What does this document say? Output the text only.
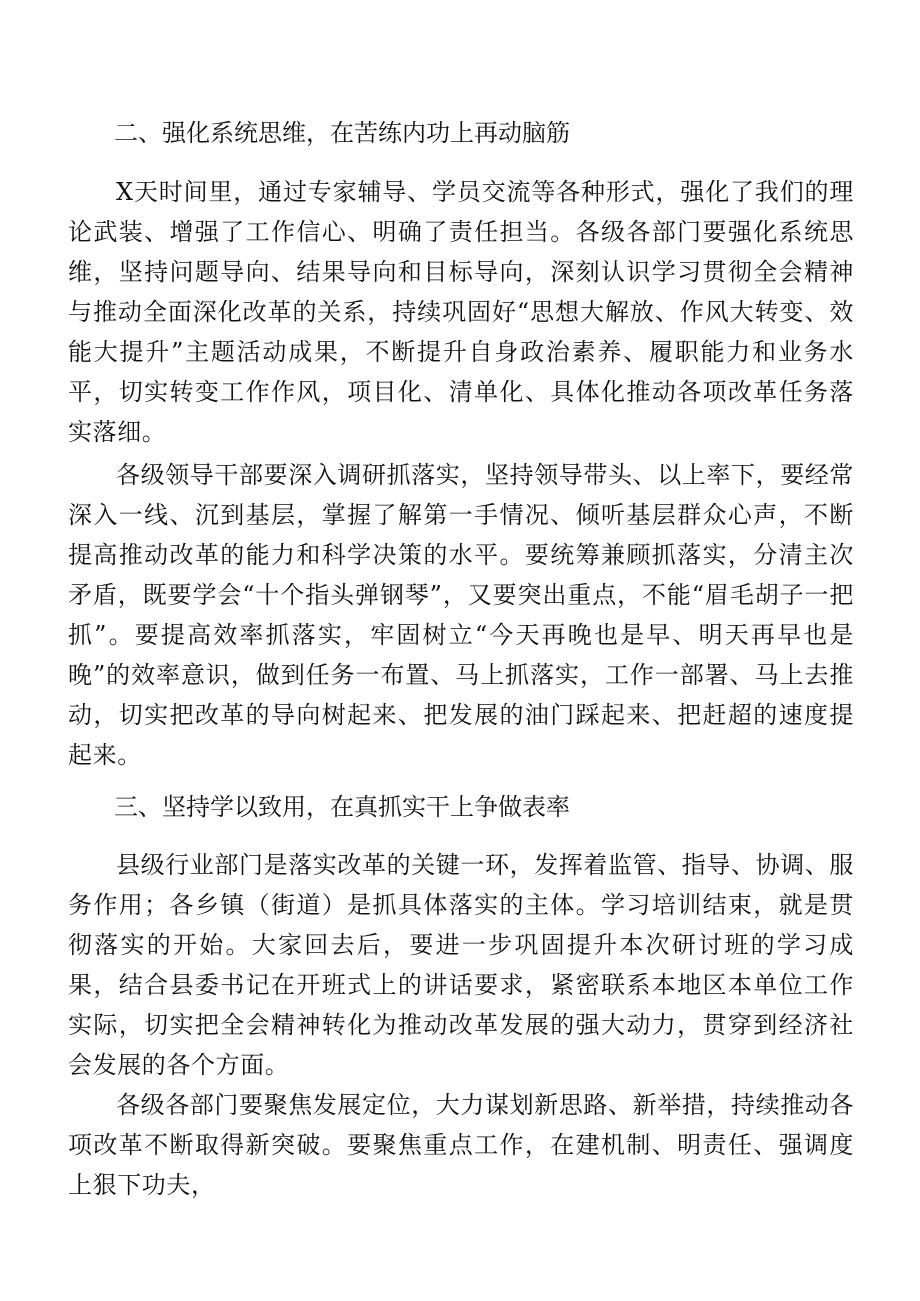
二、强化系统思维，在苦练内功上再动脑筋
X天时间里，通过专家辅导、学员交流等各种形式，强化了我们的理论武装、增强了工作信心、明确了责任担当。各级各部门要强化系统思维，坚持问题导向、结果导向和目标导向，深刻认识学习贯彻全会精神与推动全面深化改革的关系，持续巩固好“思想大解放、作风大转变、效能大提升”主题活动成果，不断提升自身政治素养、履职能力和业务水平，切实转变工作作风，项目化、清单化、具体化推动各项改革任务落实落细。
各级领导干部要深入调研抓落实，坚持领导带头、以上率下，要经常深入一线、沉到基层，掌握了解第一手情况、倾听基层群众心声，不断提高推动改革的能力和科学决策的水平。要统筹兼顾抓落实，分清主次矛盾，既要学会“十个指头弹钢琴”，又要突出重点，不能“眉毛胡子一把抓”。要提高效率抓落实，牢固树立“今天再晚也是早、明天再早也是晚”的效率意识，做到任务一布置、马上抓落实，工作一部署、马上去推动，切实把改革的导向树起来、把发展的油门踩起来、把赶超的速度提起来。
三、坚持学以致用，在真抓实干上争做表率
县级行业部门是落实改革的关键一环，发挥着监管、指导、协调、服务作用；各乡镇（街道）是抓具体落实的主体。学习培训结束，就是贯彻落实的开始。大家回去后，要进一步巩固提升本次研讨班的学习成果，结合县委书记在开班式上的讲话要求，紧密联系本地区本单位工作实际，切实把全会精神转化为推动改革发展的强大动力，贯穿到经济社会发展的各个方面。
各级各部门要聚焦发展定位，大力谋划新思路、新举措，持续推动各项改革不断取得新突破。要聚焦重点工作，在建机制、明责任、强调度上狠下功夫，
